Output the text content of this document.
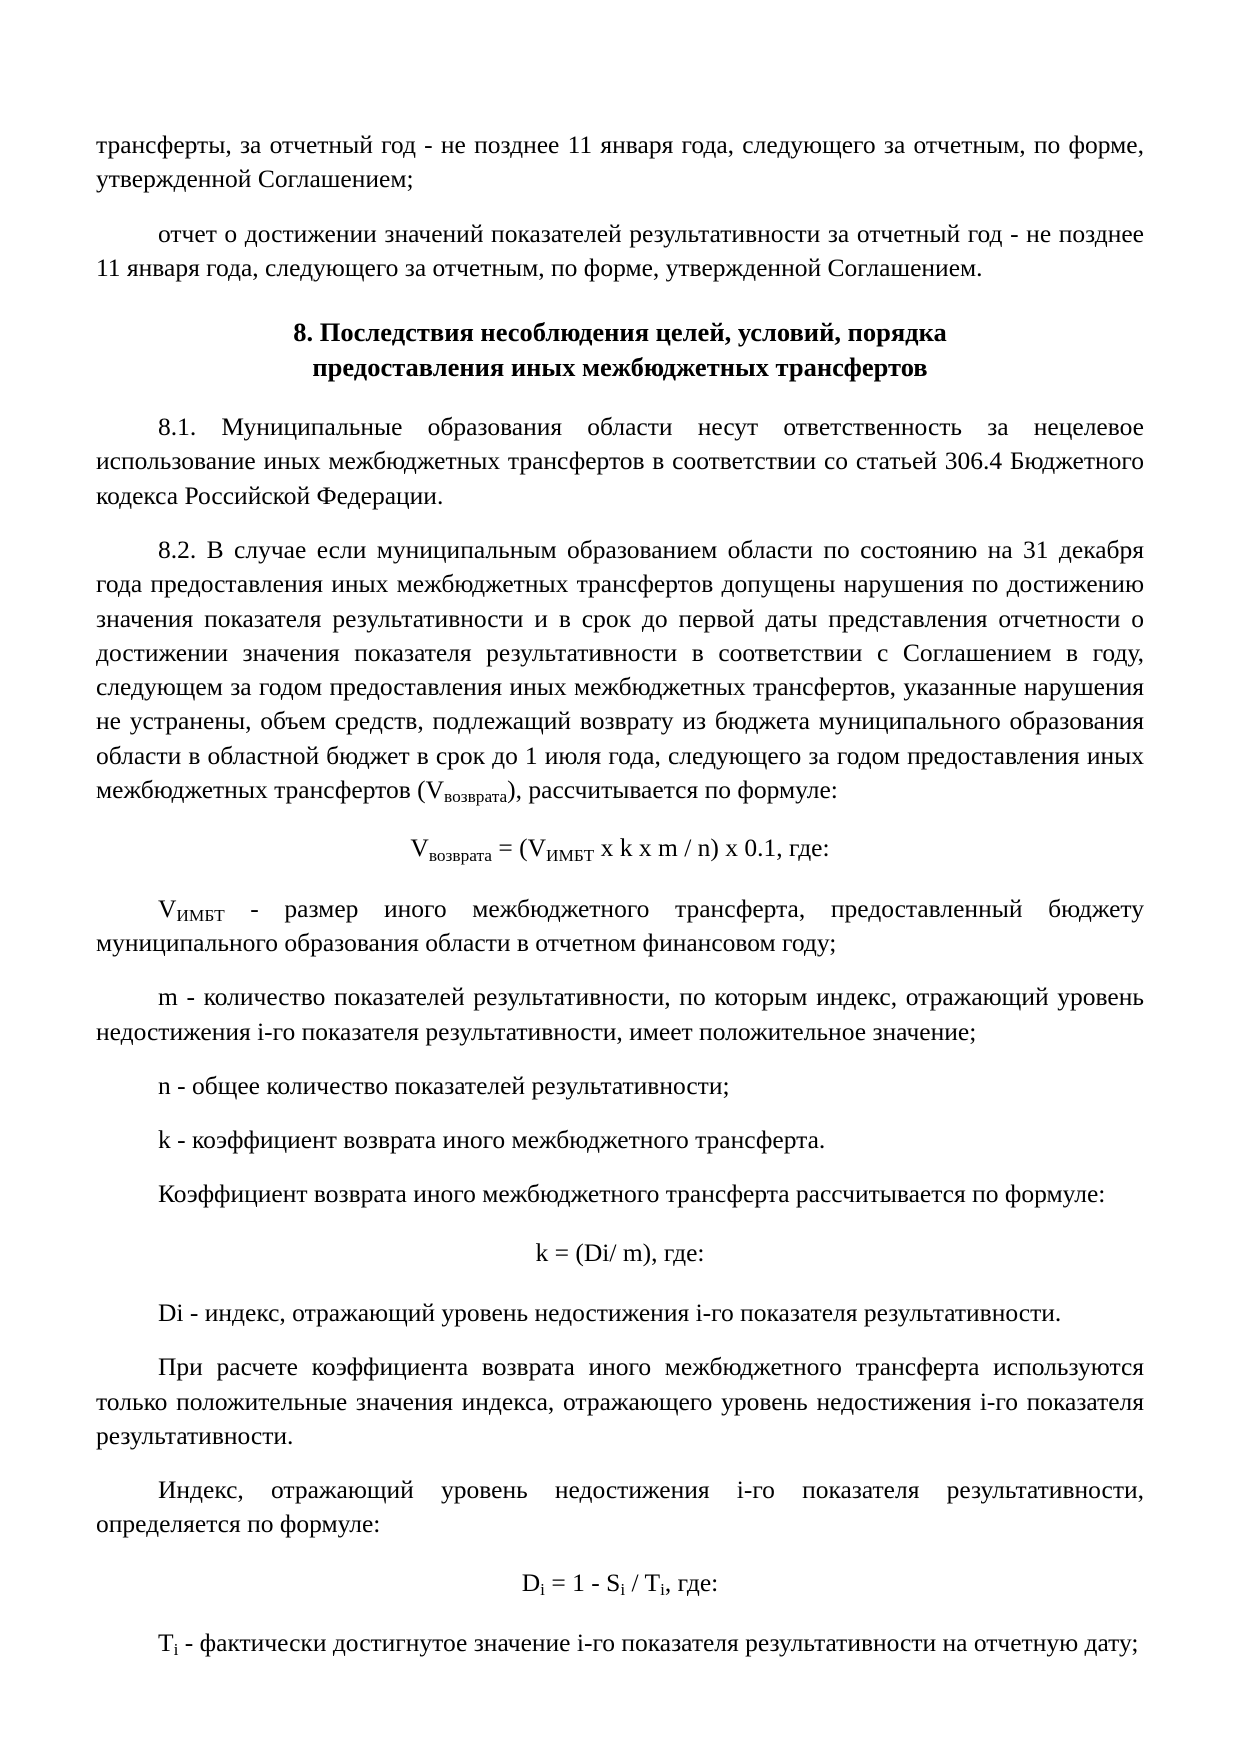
трансферты, за отчетный год - не позднее 11 января года, следующего за отчетным, по форме, утвержденной Соглашением;

отчет о достижении значений показателей результативности за отчетный год - не позднее 11 января года, следующего за отчетным, по форме, утвержденной Соглашением.

8. Последствия несоблюдения целей, условий, порядка
предоставления иных межбюджетных трансфертов

8.1. Муниципальные образования области несут ответственность за нецелевое использование иных межбюджетных трансфертов в соответствии со статьей 306.4 Бюджетного кодекса Российской Федерации.

8.2. В случае если муниципальным образованием области по состоянию на 31 декабря года предоставления иных межбюджетных трансфертов допущены нарушения по достижению значения показателя результативности и в срок до первой даты представления отчетности о достижении значения показателя результативности в соответствии с Соглашением в году, следующем за годом предоставления иных межбюджетных трансфертов, указанные нарушения не устранены, объем средств, подлежащий возврату из бюджета муниципального образования области в областной бюджет в срок до 1 июля года, следующего за годом предоставления иных межбюджетных трансфертов $(V_{возврата})$, рассчитывается по формуле:

$V_{возврата} = (V_{ИМБТ}$ x k x m / n) x 0.1, где:

$V_{ИМБТ}$ - размер иного межбюджетного трансферта, предоставленный бюджету муниципального образования области в отчетном финансовом году;

m - количество показателей результативности, по которым индекс, отражающий уровень недостижения i-го показателя результативности, имеет положительное значение;

n - общее количество показателей результативности;

k - коэффициент возврата иного межбюджетного трансферта.

Коэффициент возврата иного межбюджетного трансферта рассчитывается по формуле:

k = (Di/ m), где:

Di - индекс, отражающий уровень недостижения i-го показателя результативности.

При расчете коэффициента возврата иного межбюджетного трансферта используются только положительные значения индекса, отражающего уровень недостижения i-го показателя результативности.

Индекс, отражающий уровень недостижения i-го показателя результативности, определяется по формуле:

$D_i = 1 - S_i / T_i$, где:

$T_i$ - фактически достигнутое значение i-го показателя результативности на отчетную дату;
